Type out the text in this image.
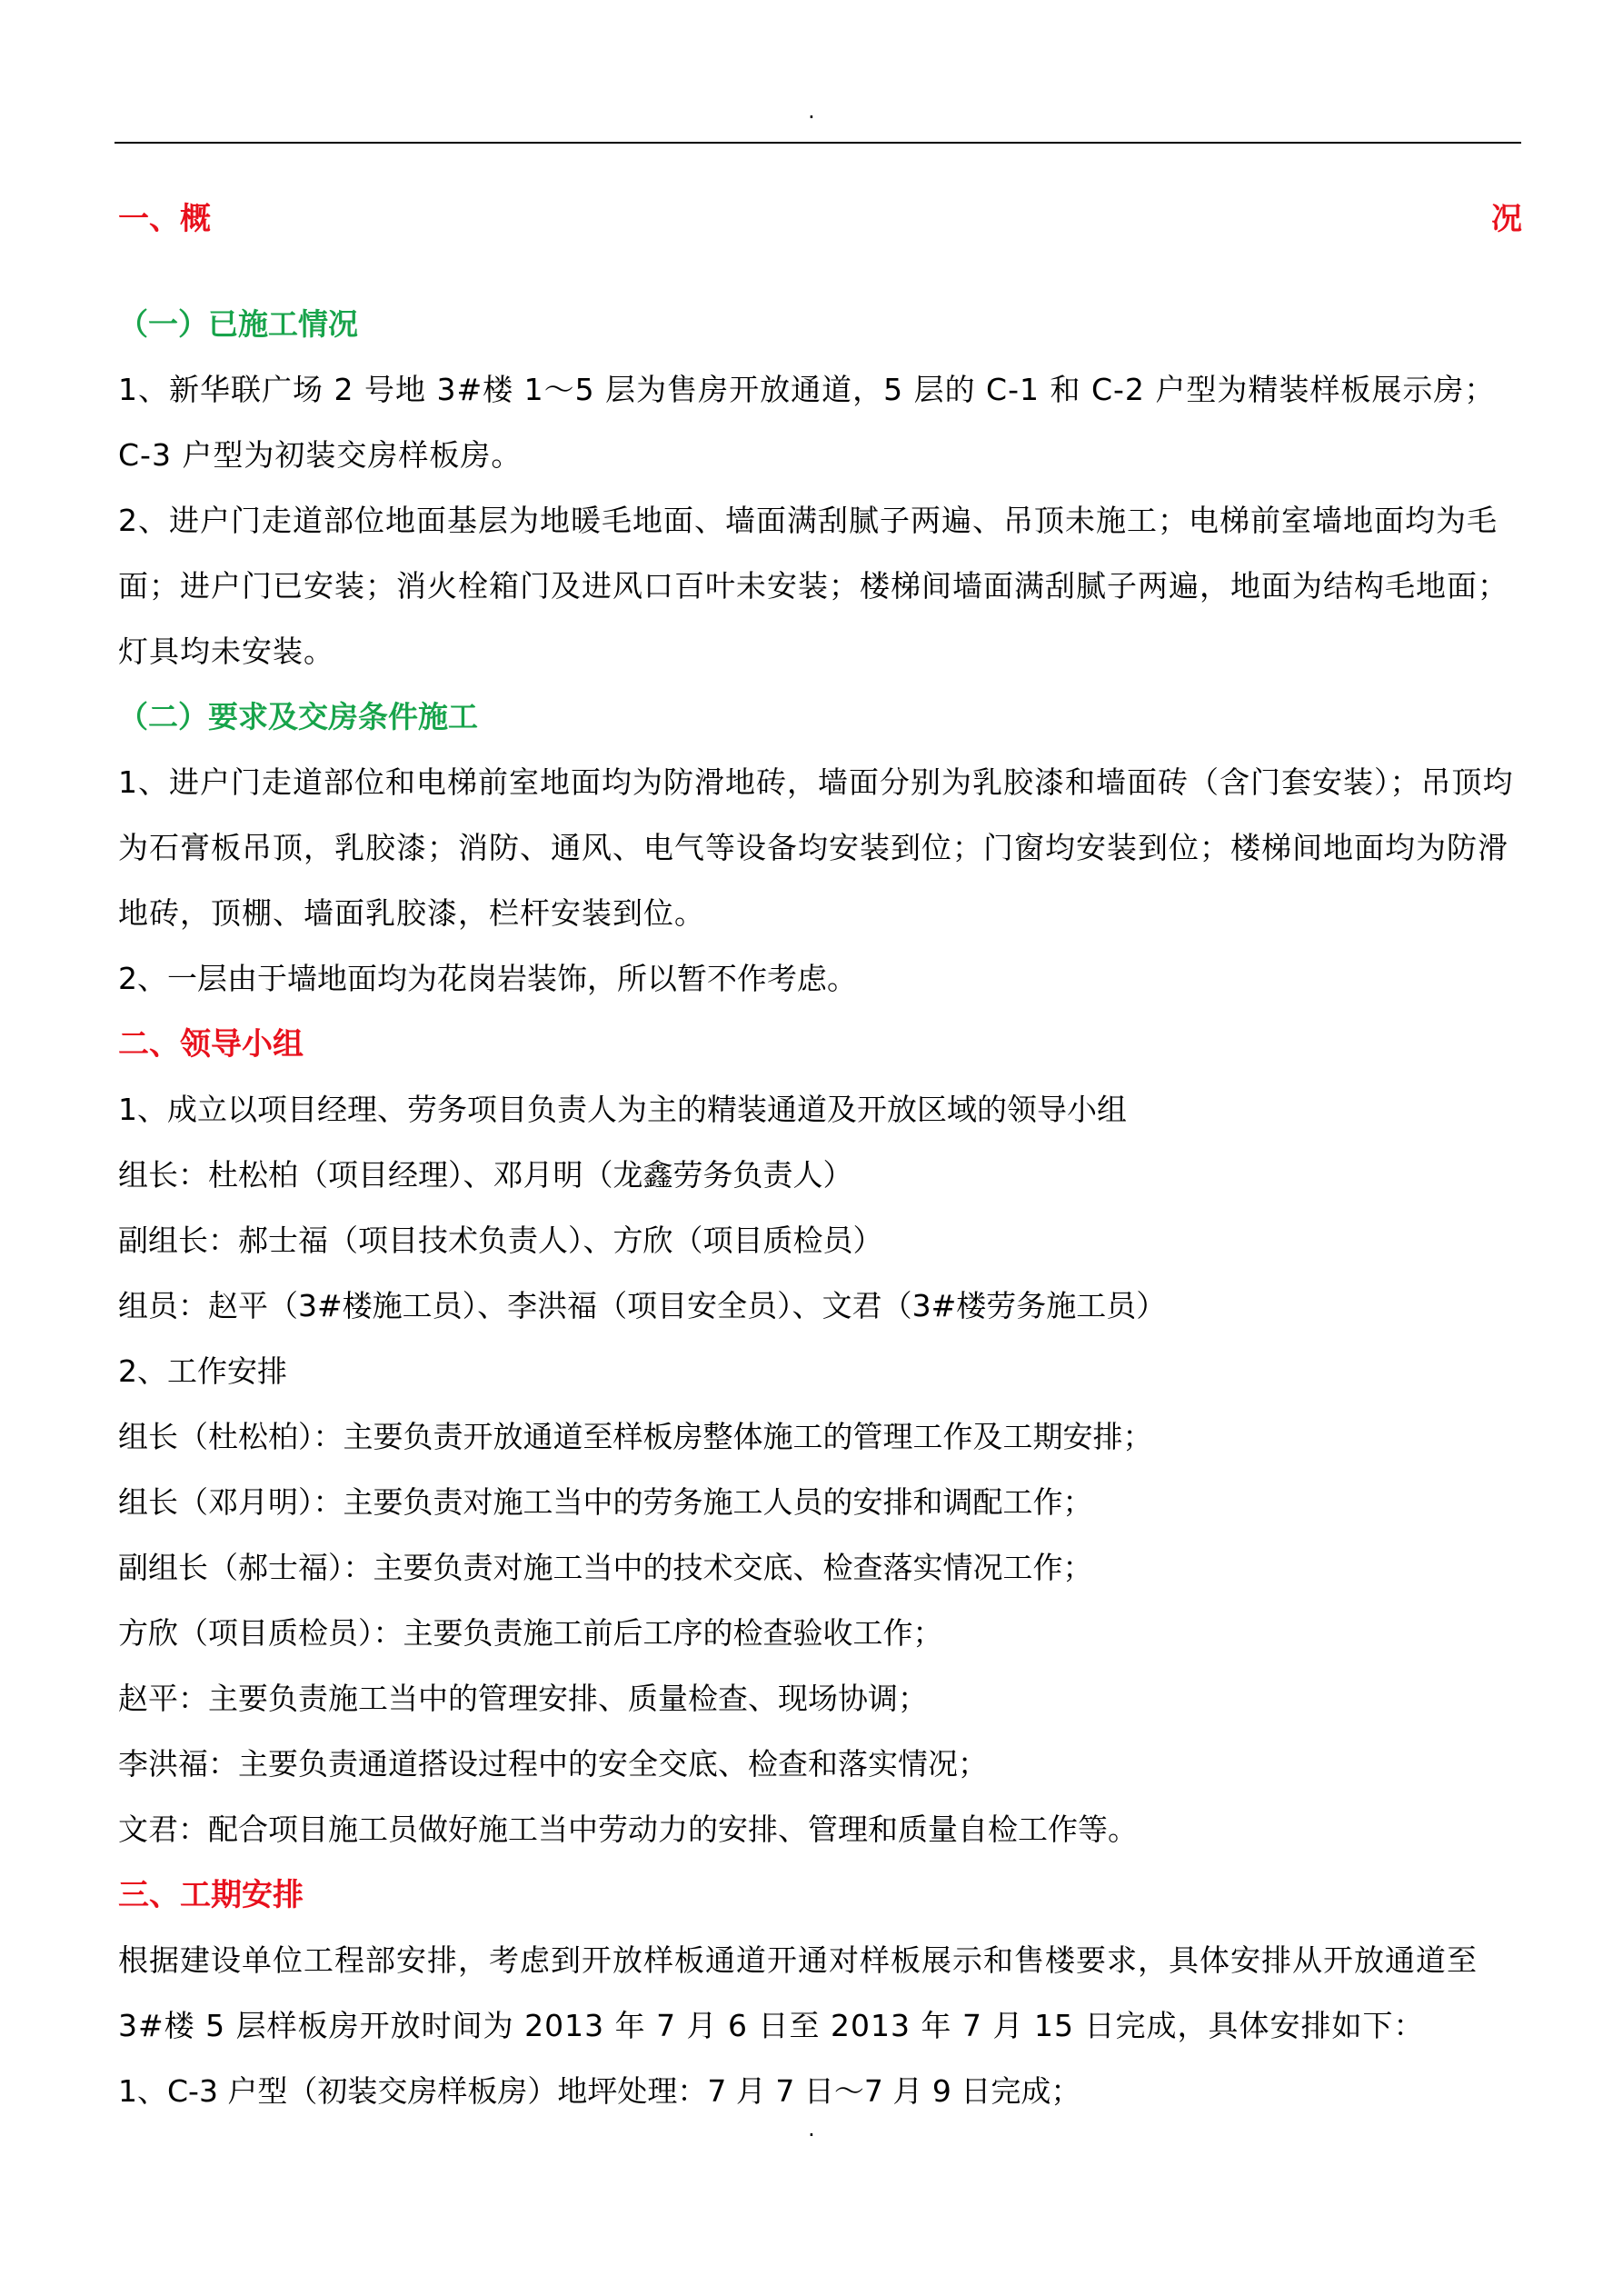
.
一、概	况
（一）已施工情况
1、新华联广场 2 号地 3#楼 1～5 层为售房开放通道，5 层的 C-1 和 C-2 户型为精装样板展示房；C-3 户型为初装交房样板房。
2、进户门走道部位地面基层为地暖毛地面、墙面满刮腻子两遍、吊顶未施工；电梯前室墙地面均为毛面；进户门已安装；消火栓箱门及进风口百叶未安装；楼梯间墙面满刮腻子两遍，地面为结构毛地面；灯具均未安装。
（二）要求及交房条件施工
1、进户门走道部位和电梯前室地面均为防滑地砖，墙面分别为乳胶漆和墙面砖（含门套安装）；吊顶均为石膏板吊顶，乳胶漆；消防、通风、电气等设备均安装到位；门窗均安装到位；楼梯间地面均为防滑地砖，顶棚、墙面乳胶漆，栏杆安装到位。
2、一层由于墙地面均为花岗岩装饰，所以暂不作考虑。
二、领导小组
1、成立以项目经理、劳务项目负责人为主的精装通道及开放区域的领导小组
组长：杜松柏（项目经理）、邓月明（龙鑫劳务负责人）
副组长：郝士福（项目技术负责人）、方欣（项目质检员）
组员：赵平（3#楼施工员）、李洪福（项目安全员）、文君（3#楼劳务施工员）
2、工作安排
组长（杜松柏）：主要负责开放通道至样板房整体施工的管理工作及工期安排；
组长（邓月明）：主要负责对施工当中的劳务施工人员的安排和调配工作；
副组长（郝士福）：主要负责对施工当中的技术交底、检查落实情况工作；
方欣（项目质检员）：主要负责施工前后工序的检查验收工作；
赵平：主要负责施工当中的管理安排、质量检查、现场协调；
李洪福：主要负责通道搭设过程中的安全交底、检查和落实情况；
文君：配合项目施工员做好施工当中劳动力的安排、管理和质量自检工作等。
三、工期安排
根据建设单位工程部安排，考虑到开放样板通道开通对样板展示和售楼要求，具体安排从开放通道至 3#楼 5 层样板房开放时间为 2013 年 7 月 6 日至 2013 年 7 月 15 日完成，具体安排如下：
1、C-3 户型（初装交房样板房）地坪处理：7 月 7 日～7 月 9 日完成；
.
